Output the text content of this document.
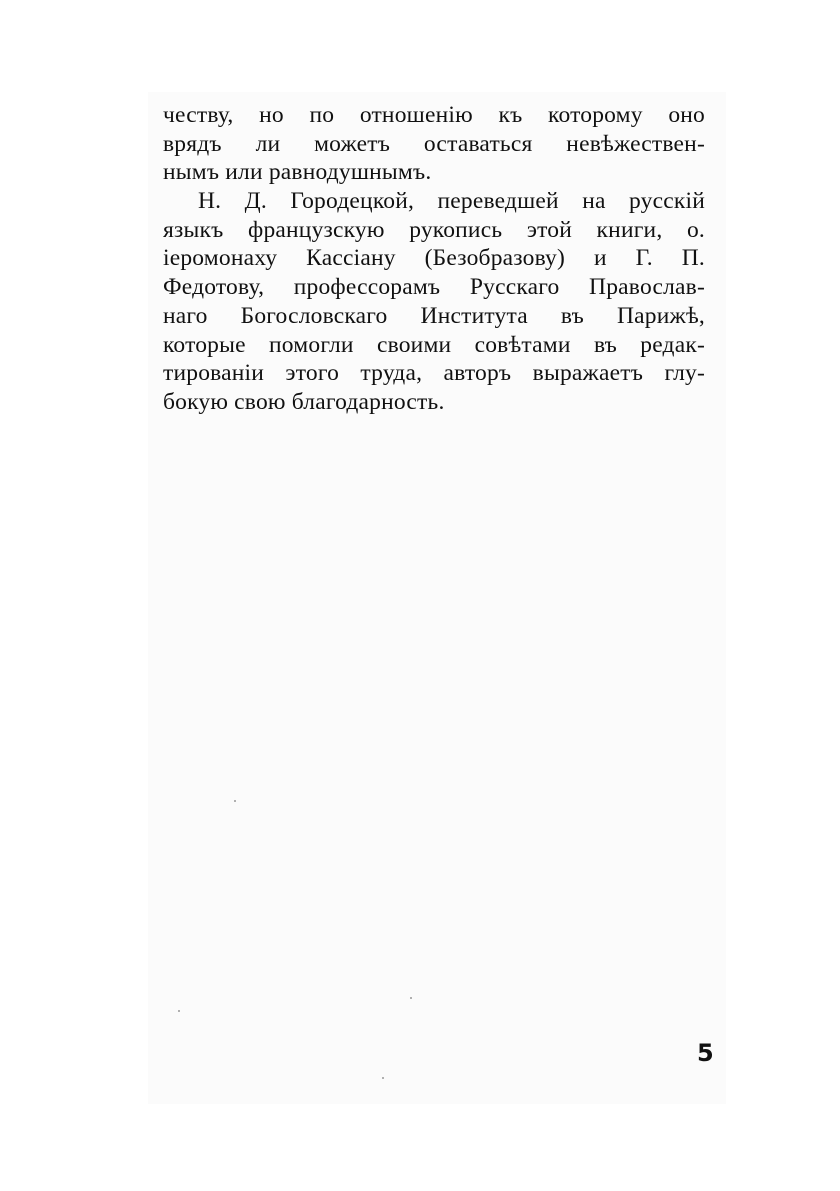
честву, но по отношенію къ которому оно
врядъ ли можетъ оставаться невѣжествен-
нымъ или равнодушнымъ.
Н. Д. Городецкой, переведшей на русскій
языкъ французскую рукопись этой книги, о.
іеромонаху Кассіану (Безобразову) и Г. П.
Федотову, профессорамъ Русскаго Православ-
наго Богословскаго Института въ Парижѣ,
которые помогли своими совѣтами въ редак-
тированіи этого труда, авторъ выражаетъ глу-
бокую свою благодарность.
5
